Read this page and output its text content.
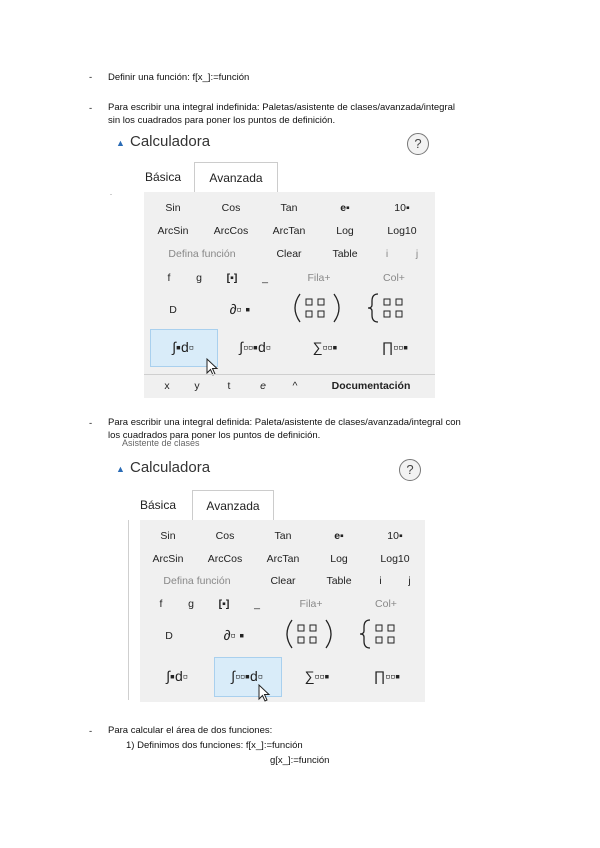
- Definir una función: f[x_]:=función
- Para escribir una integral indefinida: Paletas/asistente de clases/avanzada/integral
sin los cuadrados para poner los puntos de definición.
▲ Calculadora	?
Básica	Avanzada
Sin	Cos	Tan	e▪	10▪
ArcSin	ArcCos	ArcTan	Log	Log10
Defina función	Clear	Table	i	j
f	g	[▪]	_	Fila+	Col+
D	∂▫ ▪
∫▪d▫	∫▫▫▪d▫	∑▫▫▪	∏▫▫▪
x	y	t	e	^	Documentación
- Para escribir una integral definida: Paleta/asistente de clases/avanzada/integral con
los cuadrados para poner los puntos de definición.
Asistente de clases
▲ Calculadora	?
Básica	Avanzada
Sin	Cos	Tan	e▪	10▪
ArcSin	ArcCos	ArcTan	Log	Log10
Defina función	Clear	Table	i	j
f	g	[▪]	_	Fila+	Col+
D	∂▫ ▪
∫▪d▫	∫▫▫▪d▫	∑▫▫▪	∏▫▫▪
- Para calcular el área de dos funciones:
1) Definimos dos funciones: f[x_]:=función
g[x_]:=función
